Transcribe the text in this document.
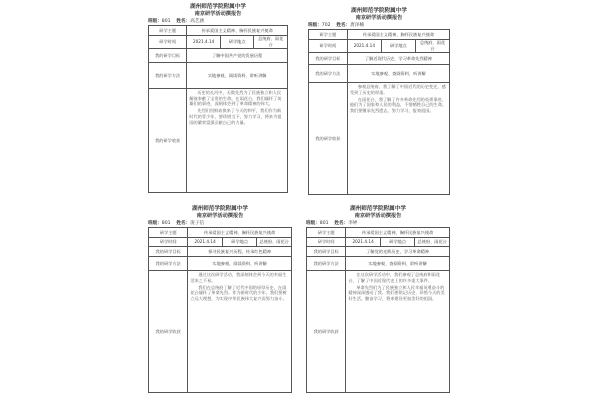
湖州师范学院附属中学
南京研学活动撰报告
班级：801 姓名：高艺涵
研学主题	传承爱国主义精神、胸怀民族复兴使命		
研学时间	2021.4.14	研学地点	总统府、雨花台
我的研学目标	了解中国共产党的发展历程		
我的研学方法	实地参观、阅读资料、聆听讲解		
我的研学收获	历史的长河中，无数先烈为了民族独立和人民解放奉献了宝贵的生命。在雨花台，我们缅怀了英雄们的事迹，深刻体会到了革命精神的伟大。

先烈们用鲜血换来了今天的和平，我们作为新时代的青少年，要珍惜当下，努力学习，将来为祖国的繁荣富强贡献自己的力量。		

湖州师范学院附属中学
南京研学活动撰报告
班级：702 姓名：唐泽楠
研学主题	传承爱国主义精神、胸怀民族复兴使命		
研学时间	2021.4.14	研学地点	总统府、雨花台
我的研学目标	了解近现代历史，学习革命先烈精神		
我的研学方法	实地参观、查阅资料、听讲解		
我的研学收获	参观总统府，我了解了中国近代的历史变迁，感受到了历史的厚重。

在雨花台，我了解了许多革命先烈的英勇事迹，他们为了国家和人民的利益，不惜牺牲自己的生命。我们要继承先烈遗志，努力学习，报效祖国。		

湖州师范学院附属中学
南京研学活动撰报告
班级：801 姓名：庞子信
研学主题	传承爱国主义精神、胸怀民族复兴使命		
研学时间	2021.4.14	研学地点	总统府、雨花台
我的研学目标	探寻民族复兴历程，传承红色精神		
我的研学方法	实地参观、阅读资料、听讲解		
我的研学收获	通过这次研学活动，我深刻体会到今天的幸福生活来之不易。

我们在总统府了解了近代中国的屈辱历史，在雨花台缅怀了革命先烈。作为新时代的少年，我们要树立远大理想，为实现中华民族伟大复兴而努力奋斗。		

湖州师范学院附属中学
南京研学活动撰报告
班级：801 姓名：李婷
研学主题	传承爱国主义精神、胸怀民族复兴使命		
研学时间	2021.4.14	研学地点	总统府、雨花台
我的研学目标	了解党的光辉历史，学习革命精神		
我的研学方法	实地参观、查阅资料、聆听讲解		
我的研学收获	在这次研学活动中，我们参观了总统府和雨花台，了解了中国近现代史上的许多重大事件。

革命先烈们为了民族独立和人民幸福英勇奋斗的精神深深感动了我。我们要铭记历史，珍惜今天的美好生活，勤奋学习，将来建设更加美好的祖国。		
